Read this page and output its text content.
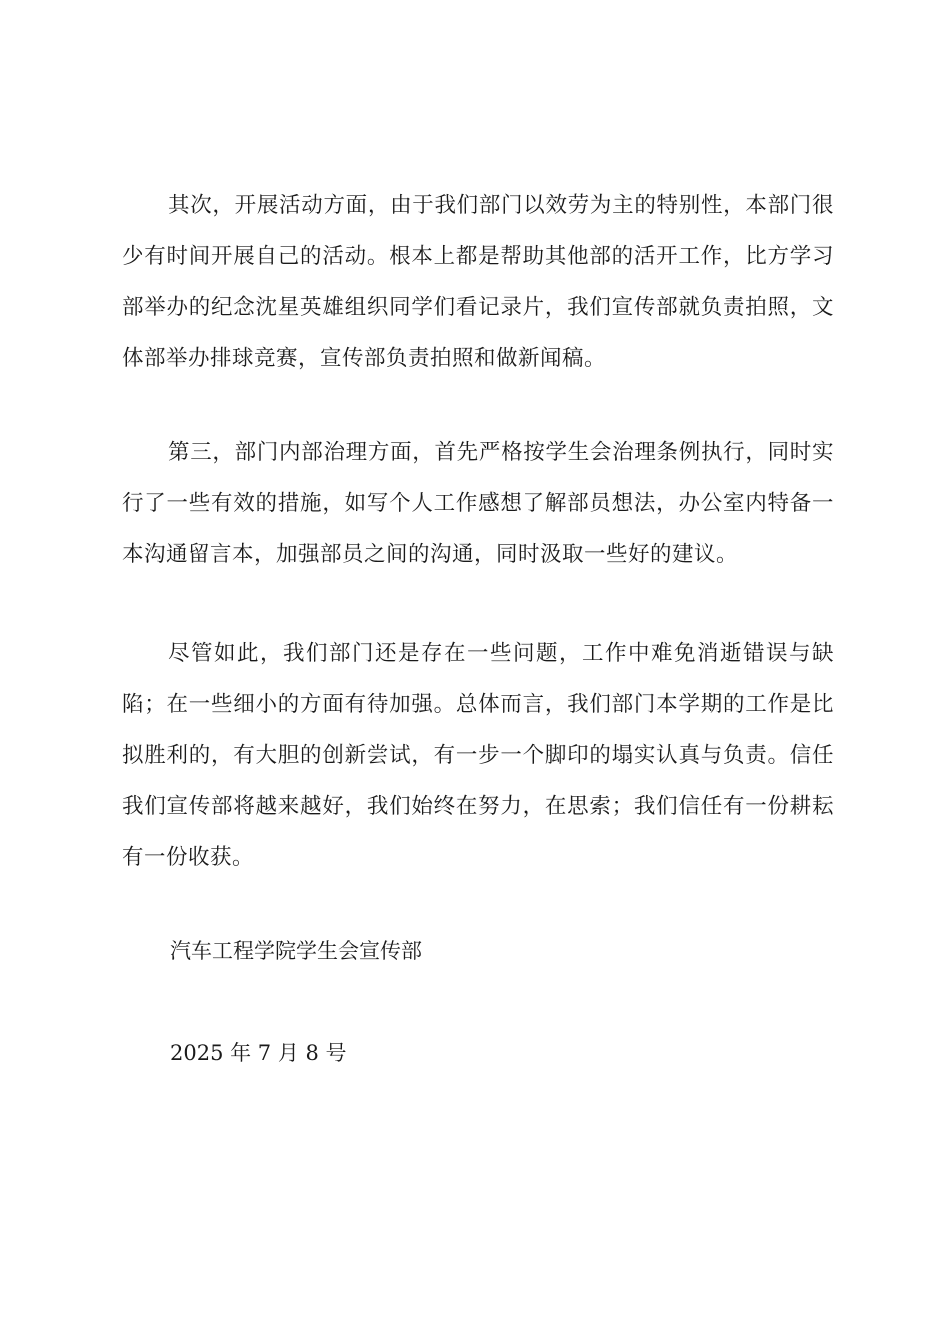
其次，开展活动方面，由于我们部门以效劳为主的特别性，本部门很少有时间开展自己的活动。根本上都是帮助其他部的活开工作，比方学习部举办的纪念沈星英雄组织同学们看记录片，我们宣传部就负责拍照，文体部举办排球竞赛，宣传部负责拍照和做新闻稿。

第三，部门内部治理方面，首先严格按学生会治理条例执行，同时实行了一些有效的措施，如写个人工作感想了解部员想法，办公室内特备一本沟通留言本，加强部员之间的沟通，同时汲取一些好的建议。

尽管如此，我们部门还是存在一些问题，工作中难免消逝错误与缺陷；在一些细小的方面有待加强。总体而言，我们部门本学期的工作是比拟胜利的，有大胆的创新尝试，有一步一个脚印的塌实认真与负责。信任我们宣传部将越来越好，我们始终在努力，在思索；我们信任有一份耕耘有一份收获。

汽车工程学院学生会宣传部

2025 年 7 月 8 号
